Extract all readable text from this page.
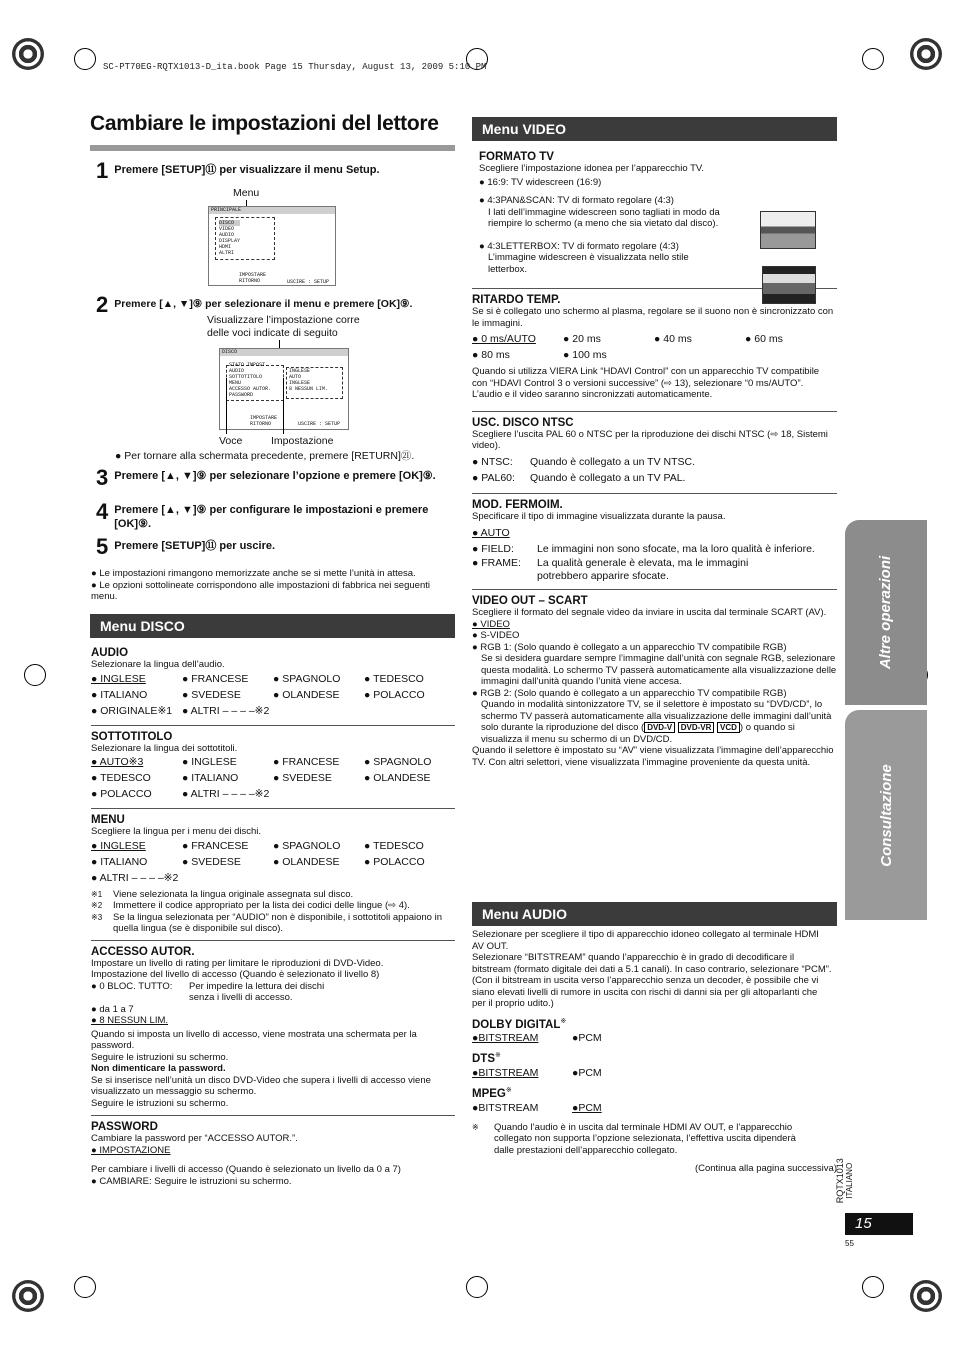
SC-PT70EG-RQTX1013-D_ita.book Page 15 Thursday, August 13, 2009 5:10 PM
Cambiare le impostazioni del lettore
1 Premere [SETUP]⑪ per visualizzare il menu Setup.
Menu
PRINCIPALE
DISCO
VIDEO
AUDIO
DISPLAY
HDMI
ALTRI
IMPOSTARE
RITORNO	USCIRE : SETUP
2 Premere [▲, ▼]⑨ per selezionare il menu e premere [OK]⑨.
Visualizzare l’impostazione corre delle voci indicate di seguito
DISCO
STATO IMPOST.
AUDIO
SOTTOTITOLO
MENU
ACCESSO AUTOR.
PASSWORD
INGLESE
AUTO
INGLESE
8 NESSUN LIM.
IMPOSTARE
RITORNO	USCIRE : SETUP
Voce	Impostazione
● Per tornare alla schermata precedente, premere [RETURN]㉑.
3 Premere [▲, ▼]⑨ per selezionare l’opzione e premere [OK]⑨.
4 Premere [▲, ▼]⑨ per configurare le impostazioni e premere [OK]⑨.
5 Premere [SETUP]⑪ per uscire.
● Le impostazioni rimangono memorizzate anche se si mette l’unità in attesa.
● Le opzioni sottolineate corrispondono alle impostazioni di fabbrica nei seguenti menu.
Menu DISCO
AUDIO
Selezionare la lingua dell’audio.
● INGLESE	● FRANCESE	● SPAGNOLO	● TEDESCO
● ITALIANO	● SVEDESE	● OLANDESE	● POLACCO
● ORIGINALE※1 ● ALTRI – – – –※2
SOTTOTITOLO
Selezionare la lingua dei sottotitoli.
● AUTO※3	● INGLESE	● FRANCESE	● SPAGNOLO
● TEDESCO	● ITALIANO	● SVEDESE	● OLANDESE
● POLACCO	● ALTRI – – – –※2
MENU
Scegliere la lingua per i menu dei dischi.
● INGLESE	● FRANCESE	● SPAGNOLO	● TEDESCO
● ITALIANO	● SVEDESE	● OLANDESE	● POLACCO
● ALTRI – – – –※2
※1	Viene selezionata la lingua originale assegnata sul disco.
※2	Immettere il codice appropriato per la lista dei codici delle lingue (⇨ 4).
※3	Se la lingua selezionata per “AUDIO” non è disponibile, i sottotitoli appaiono in quella lingua (se è disponibile sul disco).
ACCESSO AUTOR.
Impostare un livello di rating per limitare le riproduzioni di DVD-Video.
Impostazione del livello di accesso (Quando è selezionato il livello 8)
● 0 BLOC. TUTTO:	Per impedire la lettura dei dischi senza i livelli di accesso.
● da 1 a 7
● 8 NESSUN LIM.
Quando si imposta un livello di accesso, viene mostrata una schermata per la password.
Seguire le istruzioni su schermo.
Non dimenticare la password.
Se si inserisce nell’unità un disco DVD-Video che supera i livelli di accesso viene visualizzato un messaggio su schermo.
Seguire le istruzioni su schermo.
PASSWORD
Cambiare la password per “ACCESSO AUTOR.”.
● IMPOSTAZIONE
Per cambiare i livelli di accesso (Quando è selezionato un livello da 0 a 7)
● CAMBIARE: Seguire le istruzioni su schermo.
Menu VIDEO
FORMATO TV
Scegliere l’impostazione idonea per l’apparecchio TV.
● 16:9: TV widescreen (16:9)
● 4:3PAN&SCAN: TV di formato regolare (4:3)
I lati dell’immagine widescreen sono tagliati in modo da riempire lo schermo (a meno che sia vietato dal disco).
● 4:3LETTERBOX: TV di formato regolare (4:3)
L’immagine widescreen è visualizzata nello stile letterbox.
RITARDO TEMP.
Se si è collegato uno schermo al plasma, regolare se il suono non è sincronizzato con le immagini.
● 0 ms/AUTO	● 20 ms	● 40 ms	● 60 ms
● 80 ms	● 100 ms
Quando si utilizza VIERA Link “HDAVI Control” con un apparecchio TV compatibile con “HDAVI Control 3 o versioni successive” (⇨ 13), selezionare “0 ms/AUTO”.
L’audio e il video saranno sincronizzati automaticamente.
USC. DISCO NTSC
Scegliere l’uscita PAL 60 o NTSC per la riproduzione dei dischi NTSC (⇨ 18, Sistemi video).
● NTSC:	Quando è collegato a un TV NTSC.
● PAL60:	Quando è collegato a un TV PAL.
MOD. FERMOIM.
Specificare il tipo di immagine visualizzata durante la pausa.
● AUTO
● FIELD:	Le immagini non sono sfocate, ma la loro qualità è inferiore.
● FRAME:	La qualità generale è elevata, ma le immagini potrebbero apparire sfocate.
VIDEO OUT – SCART
Scegliere il formato del segnale video da inviare in uscita dal terminale SCART (AV).
● VIDEO
● S-VIDEO
● RGB 1: (Solo quando è collegato a un apparecchio TV compatibile RGB)
Se si desidera guardare sempre l’immagine dall’unità con segnale RGB, selezionare questa modalità. Lo schermo TV passerà automaticamente alla visualizzazione delle immagini dall’unità quando l’unità viene accesa.
● RGB 2: (Solo quando è collegato a un apparecchio TV compatibile RGB)
Quando in modalità sintonizzatore TV, se il selettore è impostato su “DVD/CD”, lo schermo TV passerà automaticamente alla visualizzazione delle immagini dall’unità solo durante la riproduzione del disco ( DVD-V DVD-VR VCD ) o quando si visualizza il menu su schermo di un DVD/CD.
Quando il selettore è impostato su “AV” viene visualizzata l’immagine dell’apparecchio TV. Con altri selettori, viene visualizzata l’immagine proveniente da questa unità.
Menu AUDIO
Selezionare per scegliere il tipo di apparecchio idoneo collegato al terminale HDMI AV OUT.
Selezionare “BITSTREAM” quando l’apparecchio è in grado di decodificare il bitstream (formato digitale dei dati a 5.1 canali). In caso contrario, selezionare “PCM”.
(Con il bitstream in uscita verso l’apparecchio senza un decoder, è possibile che vi siano elevati livelli di rumore in uscita con rischi di danni sia per gli altoparlanti che per il proprio udito.)
DOLBY DIGITAL※
●BITSTREAM	●PCM
DTS※
●BITSTREAM	●PCM
MPEG※
●BITSTREAM	●PCM
※	Quando l’audio è in uscita dal terminale HDMI AV OUT, e l’apparecchio collegato non supporta l’opzione selezionata, l’effettiva uscita dipenderà dalle prestazioni dell’apparecchio collegato.
(Continua alla pagina successiva)
Altre operazioni
Consultazione
RQTX1013 ITALIANO
15
55
